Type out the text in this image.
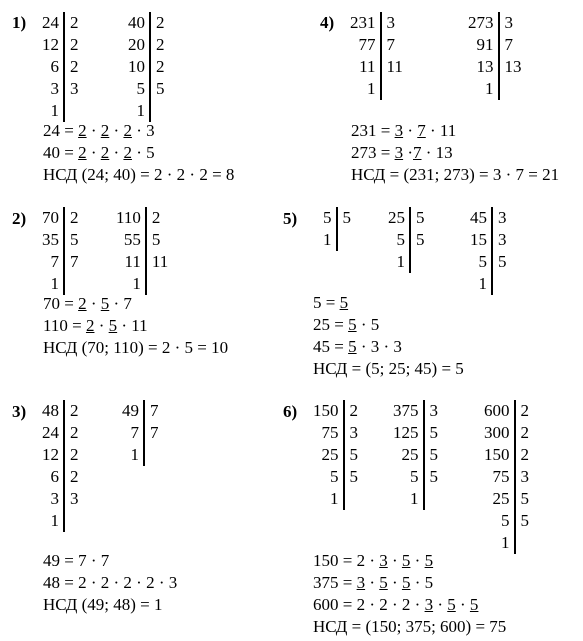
1) 24	2
12	2
6	2
3	3
1	
40	2
20	2
10	2
5	5
1	
24 = 2 · 2 · 2 · 3
40 = 2 · 2 · 2 · 5
НСД (24; 40) = 2 · 2 · 2 = 8
2) 70	2
35	5
7	7
1	
110	2
55	5
11	11
1	
70 = 2 · 5 · 7
110 = 2 · 5 · 11
НСД (70; 110) = 2 · 5 = 10
3) 48	2
24	2
12	2
6	2
3	3
1	
49	7
7	7
1	
49 = 7 · 7
48 = 2 · 2 · 2 · 2 · 3
НСД (49; 48) = 1
4) 231	3
77	7
11	11
1	
273	3
91	7
13	13
1	
231 = 3 · 7 · 11
273 = 3 ·7 · 13
НСД = (231; 273) = 3 · 7 = 21
5) 5	5
1	
25	5
5	5
1	
45	3
15	3
5	5
1	
5 = 5
25 = 5 · 5
45 = 5 · 3 · 3
НСД = (5; 25; 45) = 5
6) 150	2
75	3
25	5
5	5
1	
375	3
125	5
25	5
5	5
1	
600	2
300	2
150	2
75	3
25	5
5	5
1	
150 = 2 · 3 · 5 · 5
375 = 3 · 5 · 5 · 5
600 = 2 · 2 · 2 · 3 · 5 · 5
НСД = (150; 375; 600) = 75
